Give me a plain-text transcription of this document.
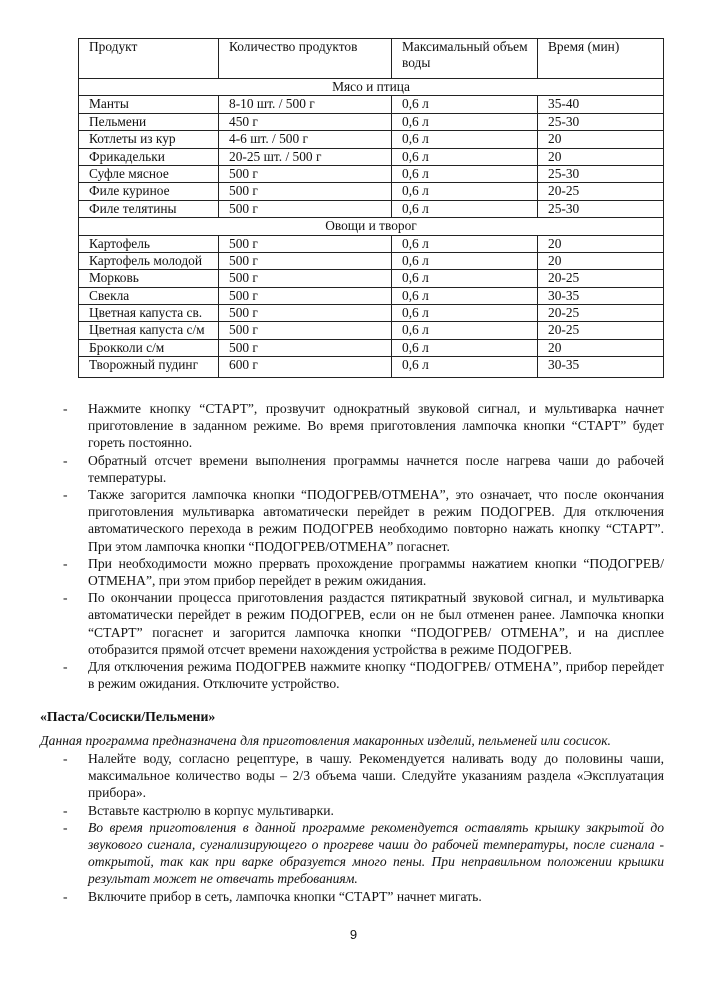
Продукт	Количество продуктов	Максимальный объем воды	Время (мин)
Мясо и птица			
Манты	8-10 шт. / 500 г	0,6 л	35-40
Пельмени	450 г	0,6 л	25-30
Котлеты из кур	4-6 шт. / 500 г	0,6 л	20
Фрикадельки	20-25 шт. / 500 г	0,6 л	20
Суфле мясное	500 г	0,6 л	25-30
Филе куриное	500 г	0,6 л	20-25
Филе телятины	500 г	0,6 л	25-30
Овощи и творог			
Картофель	500 г	0,6 л	20
Картофель молодой	500 г	0,6 л	20
Морковь	500 г	0,6 л	20-25
Свекла	500 г	0,6 л	30-35
Цветная капуста св.	500 г	0,6 л	20-25
Цветная капуста с/м	500 г	0,6 л	20-25
Брокколи с/м	500 г	0,6 л	20
Творожный пудинг	600 г	0,6 л	30-35
- Нажмите кнопку “СТАРТ”, прозвучит однократный звуковой сигнал, и мультиварка начнет приготовление в заданном режиме. Во время приготовления лампочка кнопки “СТАРТ” будет гореть постоянно.
- Обратный отсчет времени выполнения программы начнется после нагрева чаши до рабочей температуры.
- Также загорится лампочка кнопки “ПОДОГРЕВ/ОТМЕНА”, это означает, что после окончания приготовления мультиварка автоматически перейдет в режим ПОДОГРЕВ. Для отключения автоматического перехода в режим ПОДОГРЕВ необходимо повторно нажать кнопку “СТАРТ”. При этом лампочка кнопки “ПОДОГРЕВ/ОТМЕНА” погаснет.
- При необходимости можно прервать прохождение программы нажатием кнопки “ПОДОГРЕВ/ ОТМЕНА”, при этом прибор перейдет в режим ожидания.
- По окончании процесса приготовления раздастся пятикратный звуковой сигнал, и мультиварка автоматически перейдет в режим ПОДОГРЕВ, если он не был отменен ранее. Лампочка кнопки “СТАРТ” погаснет и загорится лампочка кнопки “ПОДОГРЕВ/ ОТМЕНА”, и на дисплее отобразится прямой отсчет времени нахождения устройства в режиме ПОДОГРЕВ.
- Для отключения режима ПОДОГРЕВ нажмите кнопку “ПОДОГРЕВ/ ОТМЕНА”, прибор перейдет в режим ожидания. Отключите устройство.
«Паста/Сосиски/Пельмени»
Данная программа предназначена для приготовления макаронных изделий, пельменей или сосисок.
- Налейте воду, согласно рецептуре, в чашу. Рекомендуется наливать воду до половины чаши, максимальное количество воды – 2/3 объема чаши. Следуйте указаниям раздела «Эксплуатация прибора».
- Вставьте кастрюлю в корпус мультиварки.
- Во время приготовления в данной программе рекомендуется оставлять крышку закрытой до звукового сигнала, сугнализирующего о прогреве чаши до рабочей температуры, после сигнала - открытой, так как при варке образуется много пены. При неправильном положении крышки результат может не отвечать требованиям.
- Включите прибор в сеть, лампочка кнопки “СТАРТ” начнет мигать.
9
